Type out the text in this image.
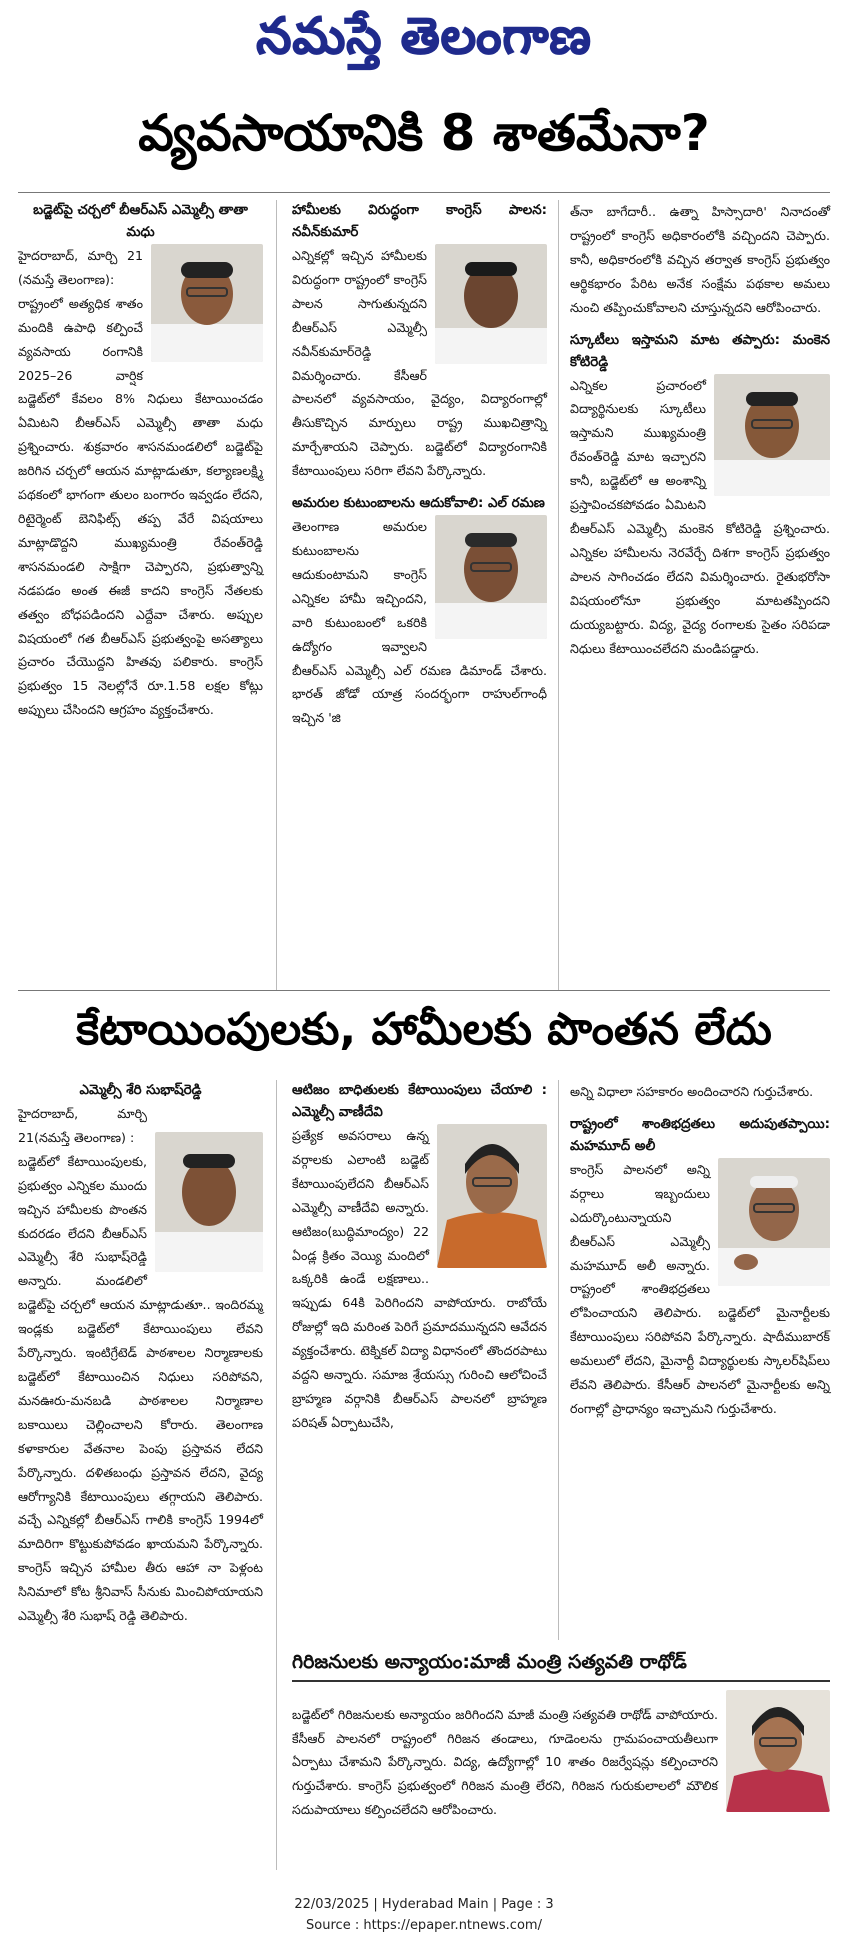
నమస్తే తెలంగాణ
వ్యవసాయానికి 8 శాతమేనా?

బడ్జెట్‌పై చర్చలో బీఆర్‌ఎస్ ఎమ్మెల్సీ తాతా మధు

హైదరాబాద్, మార్చి 21 (నమస్తే తెలంగాణ):

రాష్ట్రంలో అత్యధిక శాతం మందికి ఉపాధి కల్పించే వ్యవసాయ రంగానికి 2025–26 వార్షిక బడ్జెట్‌లో కేవలం 8% నిధులు కేటాయించడం ఏమిటని బీఆర్‌ఎస్ ఎమ్మెల్సీ తాతా మధు ప్రశ్నించారు. శుక్రవారం శాసనమండలిలో బడ్జెట్‌పై జరిగిన చర్చలో ఆయన మాట్లాడుతూ, కల్యాణలక్ష్మి పథకంలో భాగంగా తులం బంగారం ఇవ్వడం లేదని, రిటైర్మెంట్ బెనిఫిట్స్ తప్ప వేరే విషయాలు మాట్లాడొద్దని ముఖ్యమంత్రి రేవంత్‌రెడ్డి శాసనమండలి సాక్షిగా చెప్పారని, ప్రభుత్వాన్ని నడపడం అంత ఈజీ కాదని కాంగ్రెస్ నేతలకు తత్వం బోధపడిందని ఎద్దేవా చేశారు. అప్పుల విషయంలో గత బీఆర్‌ఎస్ ప్రభుత్వంపై అసత్యాలు ప్రచారం చేయొద్దని హితవు పలికారు. కాంగ్రెస్ ప్రభుత్వం 15 నెలల్లోనే రూ.1.58 లక్షల కోట్లు అప్పులు చేసిందని ఆగ్రహం వ్యక్తంచేశారు.

హామీలకు విరుద్ధంగా కాంగ్రెస్ పాలన: నవీన్‌కుమార్

ఎన్నికల్లో ఇచ్చిన హామీలకు విరుద్ధంగా రాష్ట్రంలో కాంగ్రెస్ పాలన సాగుతున్నదని బీఆర్‌ఎస్ ఎమ్మెల్సీ నవీన్‌కుమార్‌రెడ్డి విమర్శించారు. కేసీఆర్ పాలనలో వ్యవసాయం, వైద్యం, విద్యారంగాల్లో తీసుకొచ్చిన మార్పులు రాష్ట్ర ముఖచిత్రాన్ని మార్చేశాయని చెప్పారు. బడ్జెట్‌లో విద్యారంగానికి కేటాయింపులు సరిగా లేవని పేర్కొన్నారు.

అమరుల కుటుంబాలను ఆదుకోవాలి: ఎల్ రమణ

తెలంగాణ అమరుల కుటుంబాలను ఆదుకుంటామని కాంగ్రెస్ ఎన్నికల హామీ ఇచ్చిందని, వారి కుటుంబంలో ఒకరికి ఉద్యోగం ఇవ్వాలని బీఆర్‌ఎస్ ఎమ్మెల్సీ ఎల్ రమణ డిమాండ్ చేశారు. భారత్ జోడో యాత్ర సందర్భంగా రాహుల్‌గాంధీ ఇచ్చిన 'జి

త్‌నా బాగేదారీ.. ఉత్నా హిస్సాదారి' నినాదంతో రాష్ట్రంలో కాంగ్రెస్ అధికారంలోకి వచ్చిందని చెప్పారు. కానీ, అధికారంలోకి వచ్చిన తర్వాత కాంగ్రెస్ ప్రభుత్వం ఆర్థికభారం పేరిట అనేక సంక్షేమ పథకాల అమలు నుంచి తప్పించుకోవాలని చూస్తున్నదని ఆరోపించారు.

స్కూటీలు ఇస్తామని మాట తప్పారు: మంకెన కోటిరెడ్డి

ఎన్నికల ప్రచారంలో విద్యార్థినులకు స్కూటీలు ఇస్తామని ముఖ్యమంత్రి రేవంత్‌రెడ్డి మాట ఇచ్చారని కానీ, బడ్జెట్‌లో ఆ అంశాన్ని ప్రస్తావించకపోవడం ఏమిటని బీఆర్‌ఎస్ ఎమ్మెల్సీ మంకెన కోటిరెడ్డి ప్రశ్నించారు. ఎన్నికల హామీలను నెరవేర్చే దిశగా కాంగ్రెస్ ప్రభుత్వం పాలన సాగించడం లేదని విమర్శించారు. రైతుభరోసా విషయంలోనూ ప్రభుత్వం మాటతప్పిందని దుయ్యబట్టారు. విద్య, వైద్య రంగాలకు సైతం సరిపడా నిధులు కేటాయించలేదని మండిపడ్డారు.

కేటాయింపులకు, హామీలకు పొంతన లేదు

ఎమ్మెల్సీ శేరి సుభాష్‌రెడ్డి

హైదరాబాద్, మార్చి 21(నమస్తే తెలంగాణ) :

బడ్జెట్‌లో కేటాయింపులకు, ప్రభుత్వం ఎన్నికల ముందు ఇచ్చిన హామీలకు పొంతన కుదరడం లేదని బీఆర్‌ఎస్ ఎమ్మెల్సీ శేరి సుభాష్‌రెడ్డి అన్నారు. మండలిలో బడ్జెట్‌పై చర్చలో ఆయన మాట్లాడుతూ.. ఇందిరమ్మ ఇండ్లకు బడ్జెట్‌లో కేటాయింపులు లేవని పేర్కొన్నారు. ఇంటిగ్రేటెడ్ పాఠశాలల నిర్మాణాలకు బడ్జెట్‌లో కేటాయించిన నిధులు సరిపోవని, మనఊరు-మనబడి పాఠశాలల నిర్మాణాల బకాయిలు చెల్లించాలని కోరారు. తెలంగాణ కళాకారుల వేతనాల పెంపు ప్రస్తావన లేదని పేర్కొన్నారు. దళితబంధు ప్రస్తావన లేదని, వైద్య ఆరోగ్యానికి కేటాయింపులు తగ్గాయని తెలిపారు. వచ్చే ఎన్నికల్లో బీఆర్‌ఎస్ గాలికి కాంగ్రెస్ 1994లో మాదిరిగా కొట్టుకుపోవడం ఖాయమని పేర్కొన్నారు. కాంగ్రెస్ ఇచ్చిన హామీల తీరు ఆహా నా పెళ్లంట సినిమాలో కోట శ్రీనివాస్ సీనుకు మించిపోయాయని ఎమ్మెల్సీ శేరి సుభాష్ రెడ్డి తెలిపారు.

ఆటిజం బాధితులకు కేటాయింపులు చేయాలి : ఎమ్మెల్సీ వాణీదేవి

ప్రత్యేక అవసరాలు ఉన్న వర్గాలకు ఎలాంటి బడ్జెట్ కేటాయింపులేదని బీఆర్‌ఎస్ ఎమ్మెల్సీ వాణీదేవి అన్నారు. ఆటిజం(బుద్ధిమాంద్యం) 22 ఏండ్ల క్రితం వెయ్యి మందిలో ఒక్కరికి ఉండే లక్షణాలు.. ఇప్పుడు 64కి పెరిగిందని వాపోయారు. రాబోయే రోజుల్లో ఇది మరింత పెరిగే ప్రమాదమున్నదని ఆవేదన వ్యక్తంచేశారు. టెక్నికల్ విద్యా విధానంలో తొందరపాటు వద్దని అన్నారు. సమాజ శ్రేయస్సు గురించి ఆలోచించే బ్రాహ్మణ వర్గానికి బీఆర్‌ఎస్ పాలనలో బ్రాహ్మణ పరిషత్ ఏర్పాటుచేసి,

అన్ని విధాలా సహకారం అందించారని గుర్తుచేశారు.

రాష్ట్రంలో శాంతిభద్రతలు అదుపుతప్పాయి: మహమూద్ అలీ

కాంగ్రెస్ పాలనలో అన్ని వర్గాలు ఇబ్బందులు ఎదుర్కొంటున్నాయని బీఆర్‌ఎస్ ఎమ్మెల్సీ మహమూద్ అలీ అన్నారు. రాష్ట్రంలో శాంతిభద్రతలు లోపించాయని తెలిపారు. బడ్జెట్‌లో మైనార్టీలకు కేటాయింపులు సరిపోవని పేర్కొన్నారు. షాదీముబారక్ అమలులో లేదని, మైనార్టీ విద్యార్థులకు స్కాలర్‌షిప్‌లు లేవని తెలిపారు. కేసీఆర్ పాలనలో మైనార్టీలకు అన్ని రంగాల్లో ప్రాధాన్యం ఇచ్చామని గుర్తుచేశారు.

గిరిజనులకు అన్యాయం:మాజీ మంత్రి సత్యవతి రాథోడ్

బడ్జెట్‌లో గిరిజనులకు అన్యాయం జరిగిందని మాజీ మంత్రి సత్యవతి రాథోడ్ వాపోయారు. కేసీఆర్ పాలనలో రాష్ట్రంలో గిరిజన తండాలు, గూడెంలను గ్రామపంచాయతీలుగా ఏర్పాటు చేశామని పేర్కొన్నారు. విద్య, ఉద్యోగాల్లో 10 శాతం రిజర్వేషన్లు కల్పించారని గుర్తుచేశారు. కాంగ్రెస్ ప్రభుత్వంలో గిరిజన మంత్రి లేరని, గిరిజన గురుకులాలలో మౌలిక సదుపాయాలు కల్పించలేదని ఆరోపించారు.

22/03/2025 | Hyderabad Main | Page : 3
Source : https://epaper.ntnews.com/
